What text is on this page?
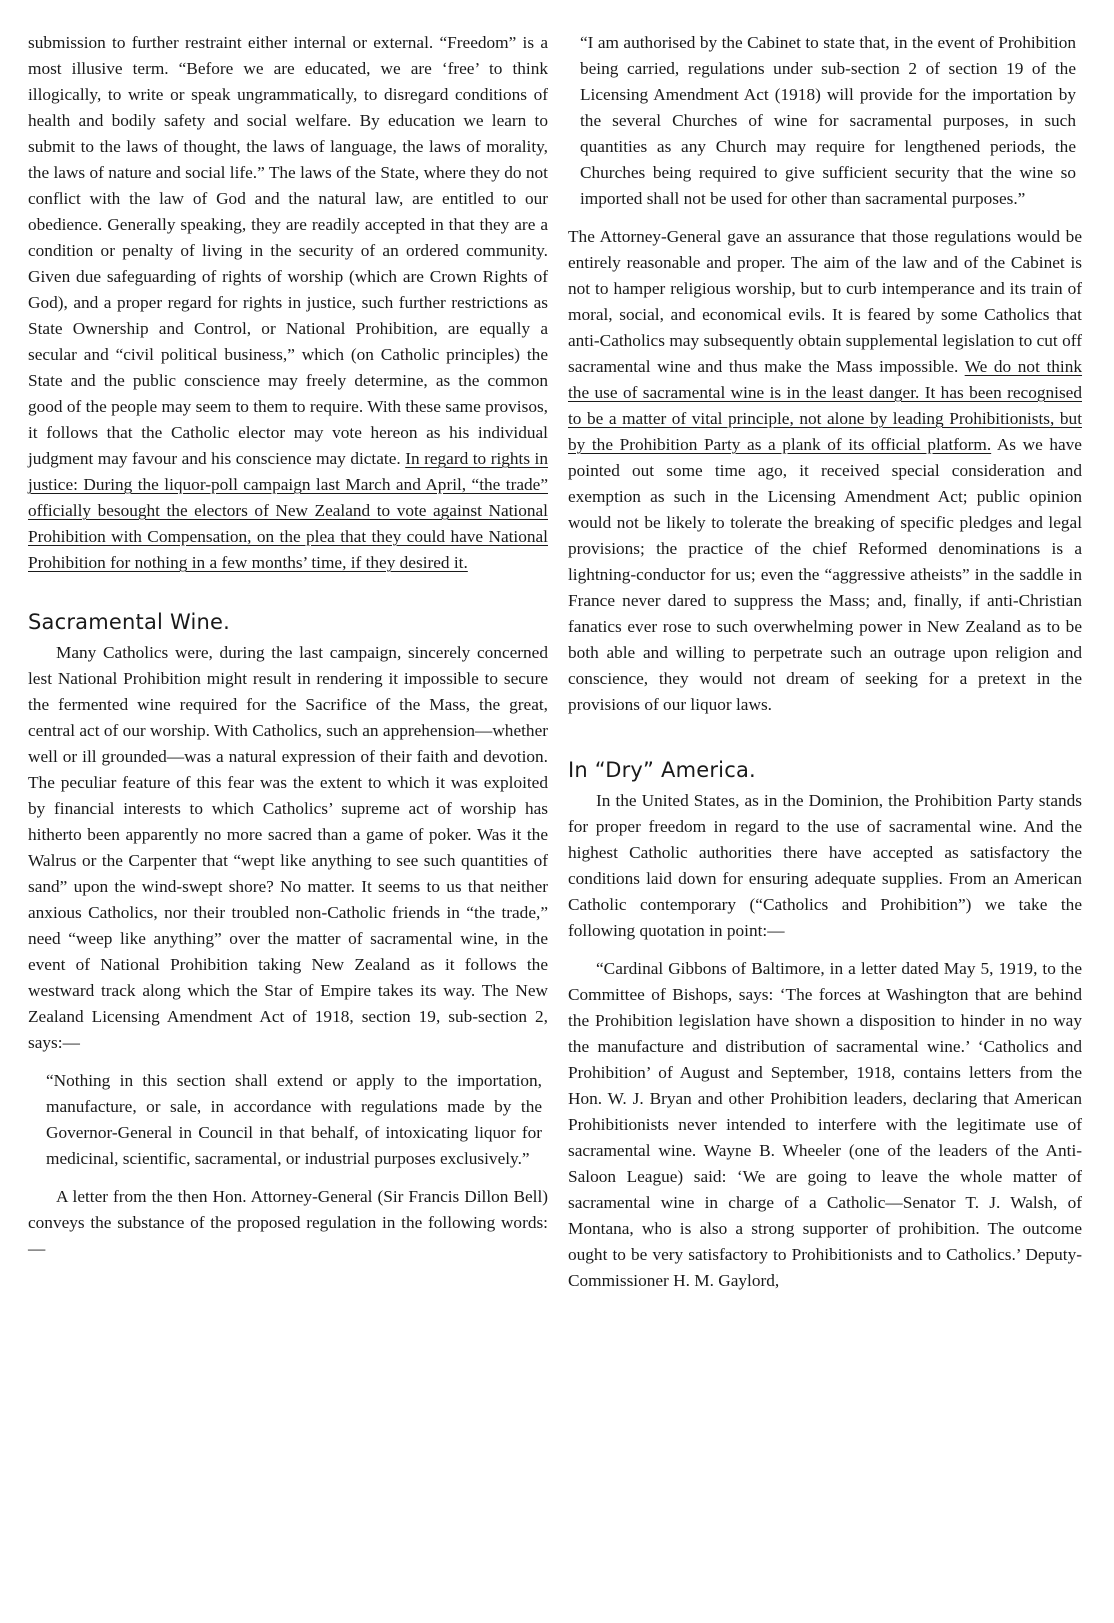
submission to further restraint either internal or external. “Freedom” is a most illusive term. “Before we are educated, we are ‘free’ to think illogically, to write or speak ungrammatically, to disregard conditions of health and bodily safety and social welfare. By education we learn to submit to the laws of thought, the laws of language, the laws of morality, the laws of nature and social life.” The laws of the State, where they do not conflict with the law of God and the natural law, are entitled to our obedience. Generally speaking, they are readily accepted in that they are a condition or penalty of living in the security of an ordered community. Given due safeguarding of rights of worship (which are Crown Rights of God), and a proper regard for rights in justice, such further restrictions as State Ownership and Control, or National Prohibition, are equally a secular and “civil political business,” which (on Catholic principles) the State and the public conscience may freely determine, as the common good of the people may seem to them to require. With these same provisos, it follows that the Catholic elector may vote hereon as his individual judgment may favour and his conscience may dictate. In regard to rights in justice: During the liquor-poll campaign last March and April, “the trade” officially besought the electors of New Zealand to vote against National Prohibition with Compensation, on the plea that they could have National Prohibition for nothing in a few months’ time, if they desired it.

Sacramental Wine.

Many Catholics were, during the last campaign, sincerely concerned lest National Prohibition might result in rendering it impossible to secure the fermented wine required for the Sacrifice of the Mass, the great, central act of our worship. With Catholics, such an apprehension—whether well or ill grounded—was a natural expression of their faith and devotion. The peculiar feature of this fear was the extent to which it was exploited by financial interests to which Catholics’ supreme act of worship has hitherto been apparently no more sacred than a game of poker. Was it the Walrus or the Carpenter that “wept like anything to see such quantities of sand” upon the wind-swept shore? No matter. It seems to us that neither anxious Catholics, nor their troubled non-Catholic friends in “the trade,” need “weep like anything” over the matter of sacramental wine, in the event of National Prohibition taking New Zealand as it follows the westward track along which the Star of Empire takes its way. The New Zealand Licensing Amendment Act of 1918, section 19, sub-section 2, says:—

“Nothing in this section shall extend or apply to the importation, manufacture, or sale, in accordance with regulations made by the Governor-General in Council in that behalf, of intoxicating liquor for medicinal, scientific, sacramental, or industrial purposes exclusively.”

A letter from the then Hon. Attorney-General (Sir Francis Dillon Bell) conveys the substance of the proposed regulation in the following words:—

“I am authorised by the Cabinet to state that, in the event of Prohibition being carried, regulations under sub-section 2 of section 19 of the Licensing Amendment Act (1918) will provide for the importation by the several Churches of wine for sacramental purposes, in such quantities as any Church may require for lengthened periods, the Churches being required to give sufficient security that the wine so imported shall not be used for other than sacramental purposes.”

The Attorney-General gave an assurance that those regulations would be entirely reasonable and proper. The aim of the law and of the Cabinet is not to hamper religious worship, but to curb intemperance and its train of moral, social, and economical evils. It is feared by some Catholics that anti-Catholics may subsequently obtain supplemental legislation to cut off sacramental wine and thus make the Mass impossible. We do not think the use of sacramental wine is in the least danger. It has been recognised to be a matter of vital principle, not alone by leading Prohibitionists, but by the Prohibition Party as a plank of its official platform. As we have pointed out some time ago, it received special consideration and exemption as such in the Licensing Amendment Act; public opinion would not be likely to tolerate the breaking of specific pledges and legal provisions; the practice of the chief Reformed denominations is a lightning-conductor for us; even the “aggressive atheists” in the saddle in France never dared to suppress the Mass; and, finally, if anti-Christian fanatics ever rose to such overwhelming power in New Zealand as to be both able and willing to perpetrate such an outrage upon religion and conscience, they would not dream of seeking for a pretext in the provisions of our liquor laws.

In “Dry” America.

In the United States, as in the Dominion, the Prohibition Party stands for proper freedom in regard to the use of sacramental wine. And the highest Catholic authorities there have accepted as satisfactory the conditions laid down for ensuring adequate supplies. From an American Catholic contemporary (“Catholics and Prohibition”) we take the following quotation in point:—

“Cardinal Gibbons of Baltimore, in a letter dated May 5, 1919, to the Committee of Bishops, says: ‘The forces at Washington that are behind the Prohibition legislation have shown a disposition to hinder in no way the manufacture and distribution of sacramental wine.’ ‘Catholics and Prohibition’ of August and September, 1918, contains letters from the Hon. W. J. Bryan and other Prohibition leaders, declaring that American Prohibitionists never intended to interfere with the legitimate use of sacramental wine. Wayne B. Wheeler (one of the leaders of the Anti-Saloon League) said: ‘We are going to leave the whole matter of sacramental wine in charge of a Catholic—Senator T. J. Walsh, of Montana, who is also a strong supporter of prohibition. The outcome ought to be very satisfactory to Prohibitionists and to Catholics.’ Deputy-Commissioner H. M. Gaylord,
